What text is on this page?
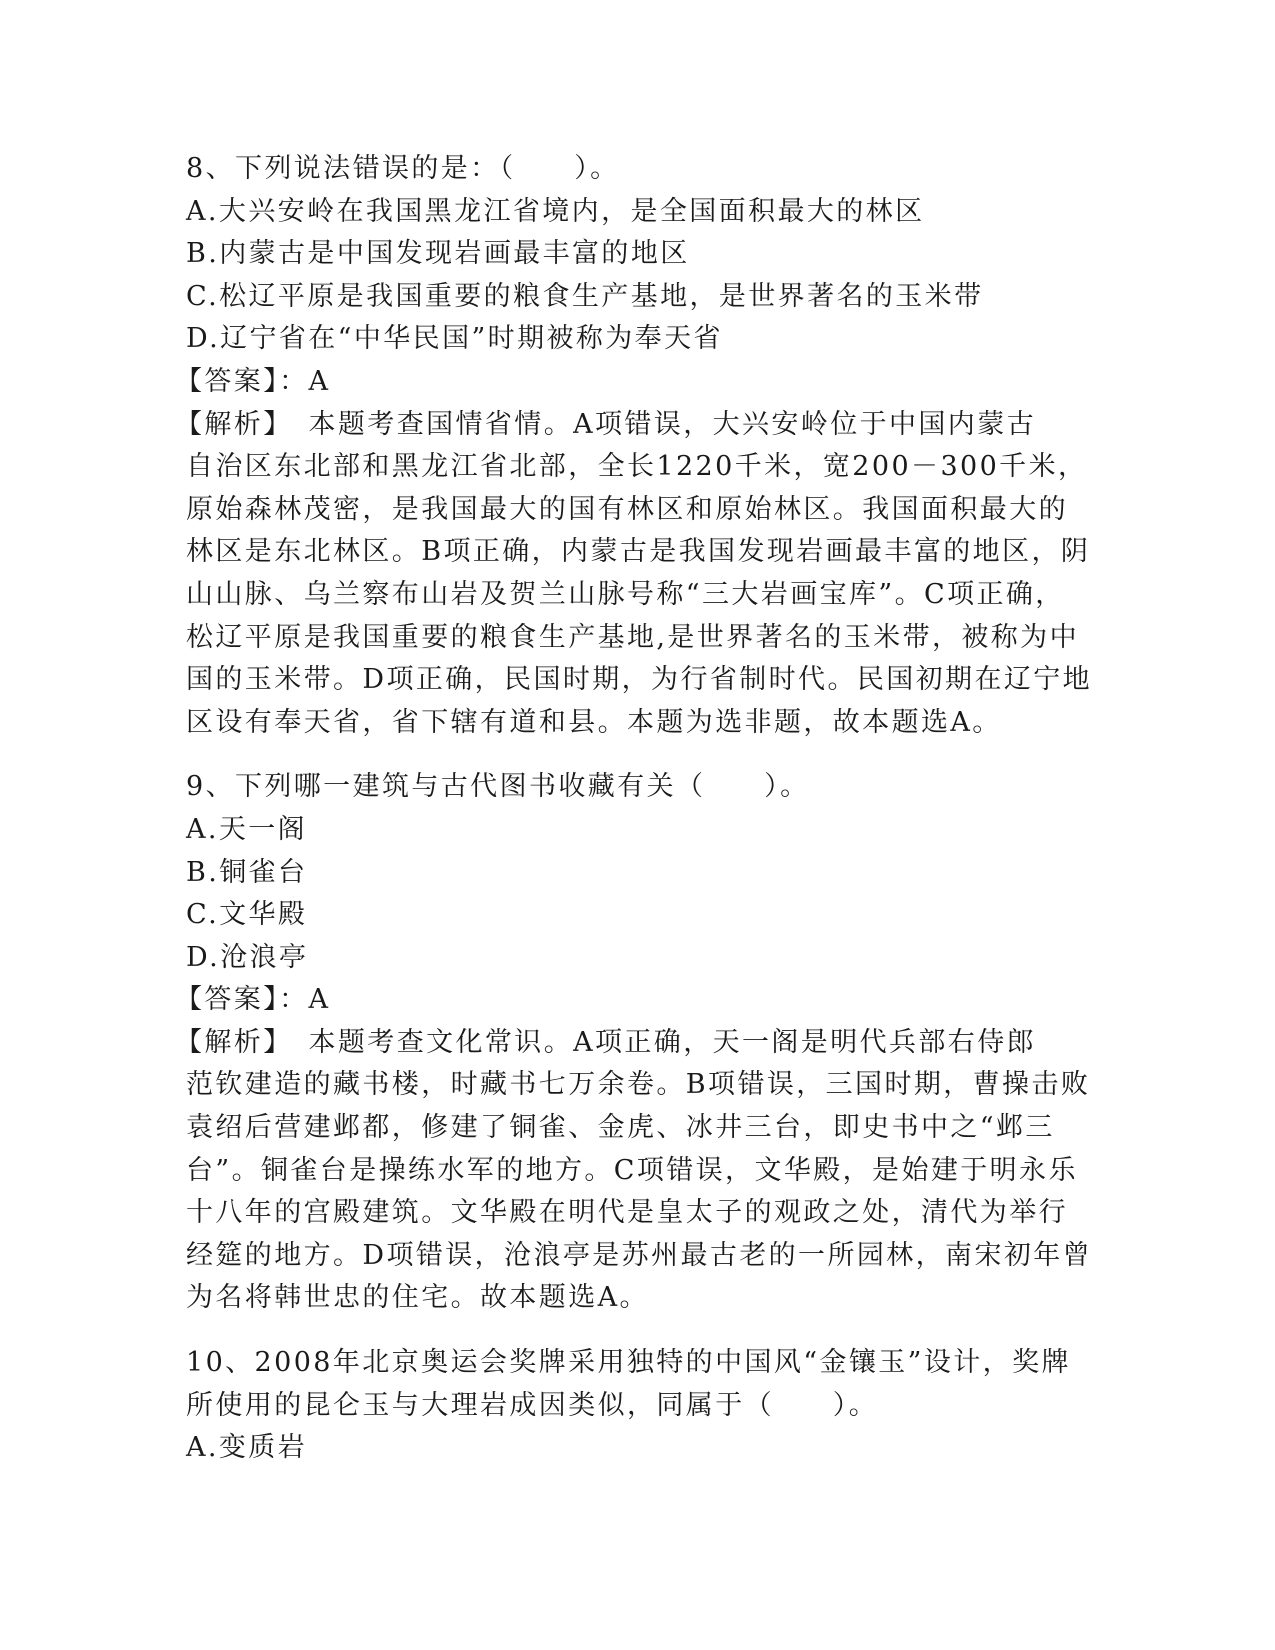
8、下列说法错误的是：（　　）。
A.大兴安岭在我国黑龙江省境内，是全国面积最大的林区
B.内蒙古是中国发现岩画最丰富的地区
C.松辽平原是我国重要的粮食生产基地，是世界著名的玉米带
D.辽宁省在“中华民国”时期被称为奉天省
【答案】：A
【解析】　本题考查国情省情。A项错误，大兴安岭位于中国内蒙古
自治区东北部和黑龙江省北部，全长1220千米，宽200－300千米，
原始森林茂密，是我国最大的国有林区和原始林区。我国面积最大的
林区是东北林区。B项正确，内蒙古是我国发现岩画最丰富的地区，阴
山山脉、乌兰察布山岩及贺兰山脉号称“三大岩画宝库”。C项正确，
松辽平原是我国重要的粮食生产基地,是世界著名的玉米带，被称为中
国的玉米带。D项正确，民国时期，为行省制时代。民国初期在辽宁地
区设有奉天省，省下辖有道和县。本题为选非题，故本题选A。
9、下列哪一建筑与古代图书收藏有关（　　）。
A.天一阁
B.铜雀台
C.文华殿
D.沧浪亭
【答案】：A
【解析】　本题考查文化常识。A项正确，天一阁是明代兵部右侍郎
范钦建造的藏书楼，时藏书七万余卷。B项错误，三国时期，曹操击败
袁绍后营建邺都，修建了铜雀、金虎、冰井三台，即史书中之“邺三
台”。铜雀台是操练水军的地方。C项错误，文华殿，是始建于明永乐
十八年的宫殿建筑。文华殿在明代是皇太子的观政之处，清代为举行
经筵的地方。D项错误，沧浪亭是苏州最古老的一所园林，南宋初年曾
为名将韩世忠的住宅。故本题选A。
10、2008年北京奥运会奖牌采用独特的中国风“金镶玉”设计，奖牌
所使用的昆仑玉与大理岩成因类似，同属于（　　）。
A.变质岩
